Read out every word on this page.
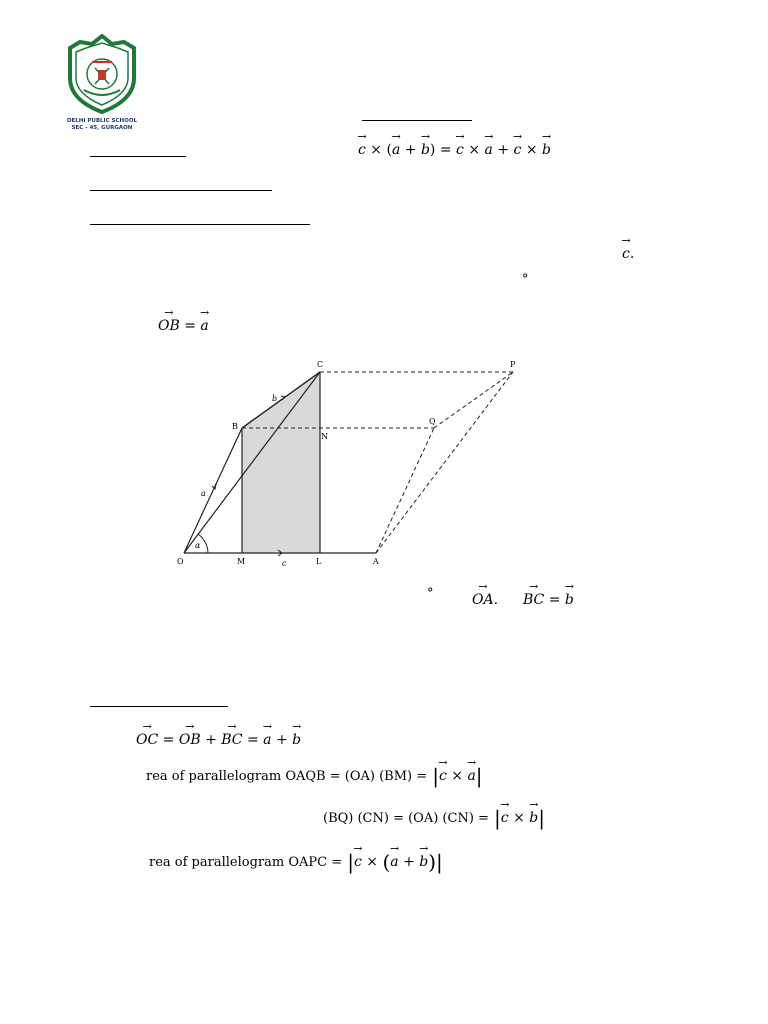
DELHI PUBLIC SCHOOL
SEC - 45, GURGAON
→ c × (→ a + → b) = → c × → a + → c × → b
→ c.
°
→ OB = → a
O	M	L	A
B
C
N
Q
P
a
b
c
α
°	→ OA. → BC = → b
→ OC = → OB + → BC = → a + → b
rea of parallelogram OAQB = (OA) (BM) = |→ c × → a|
(BQ) (CN) = (OA) (CN) = |→ c × → b|
rea of parallelogram OAPC = |→ c × (→ a + → b)|
